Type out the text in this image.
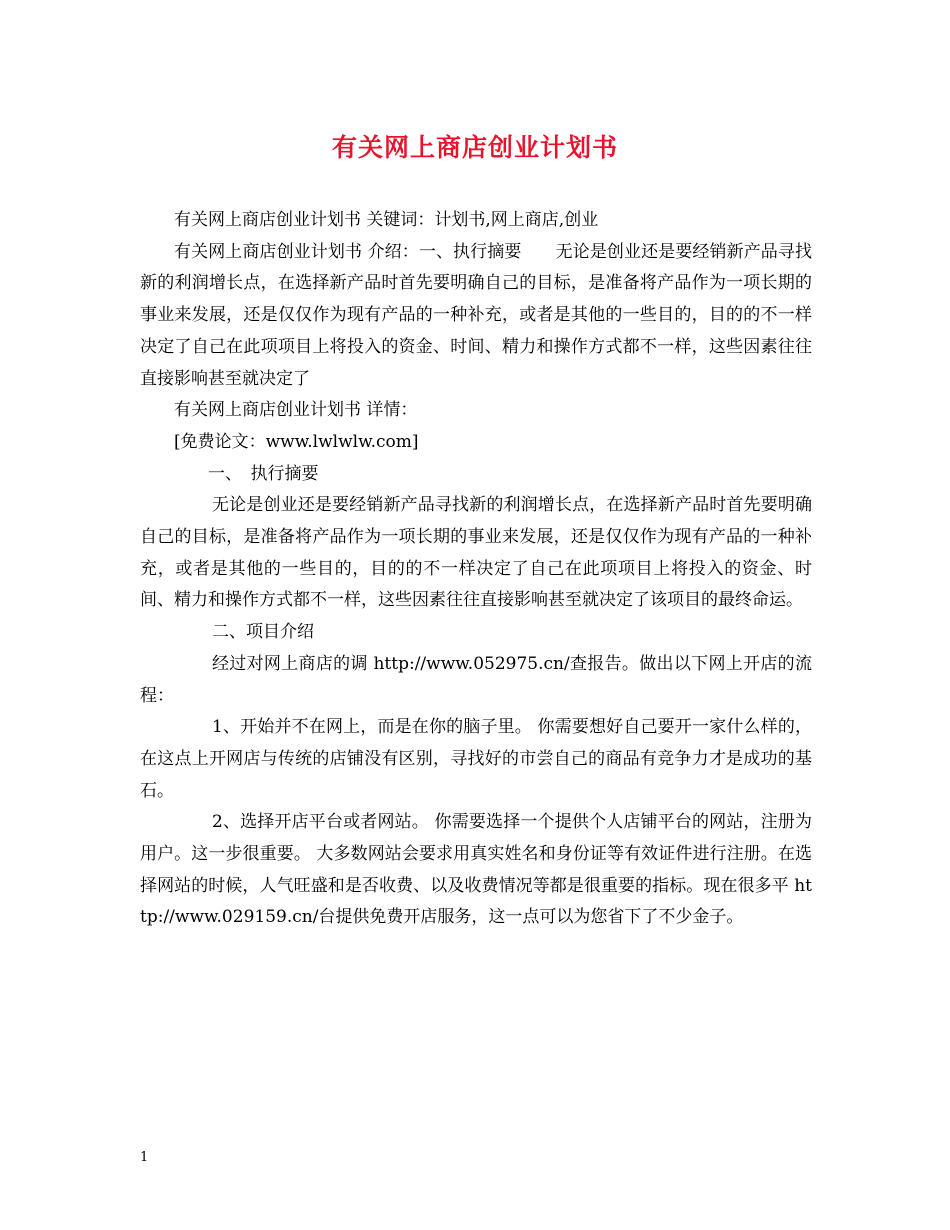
有关网上商店创业计划书

有关网上商店创业计划书 关键词：计划书,网上商店,创业

有关网上商店创业计划书 介绍：一、执行摘要　　无论是创业还是要经销新产品寻找新的利润增长点，在选择新产品时首先要明确自己的目标，是准备将产品作为一项长期的事业来发展，还是仅仅作为现有产品的一种补充，或者是其他的一些目的，目的的不一样决定了自己在此项项目上将投入的资金、时间、精力和操作方式都不一样，这些因素往往直接影响甚至就决定了

有关网上商店创业计划书 详情：

[免费论文：www.lwlwlw.com]

一、　执行摘要

无论是创业还是要经销新产品寻找新的利润增长点，在选择新产品时首先要明确自己的目标，是准备将产品作为一项长期的事业来发展，还是仅仅作为现有产品的一种补充，或者是其他的一些目的，目的的不一样决定了自己在此项项目上将投入的资金、时间、精力和操作方式都不一样，这些因素往往直接影响甚至就决定了该项目的最终命运。

二、项目介绍

经过对网上商店的调 http://www.052975.cn/查报告。做出以下网上开店的流程：

1、开始并不在网上，而是在你的脑子里。 你需要想好自己要开一家什么样的，在这点上开网店与传统的店铺没有区别，寻找好的市尝自己的商品有竞争力才是成功的基石。

2、选择开店平台或者网站。 你需要选择一个提供个人店铺平台的网站，注册为用户。这一步很重要。 大多数网站会要求用真实姓名和身份证等有效证件进行注册。在选择网站的时候，人气旺盛和是否收费、以及收费情况等都是很重要的指标。现在很多平 http://www.029159.cn/台提供免费开店服务，这一点可以为您省下了不少金子。

1
